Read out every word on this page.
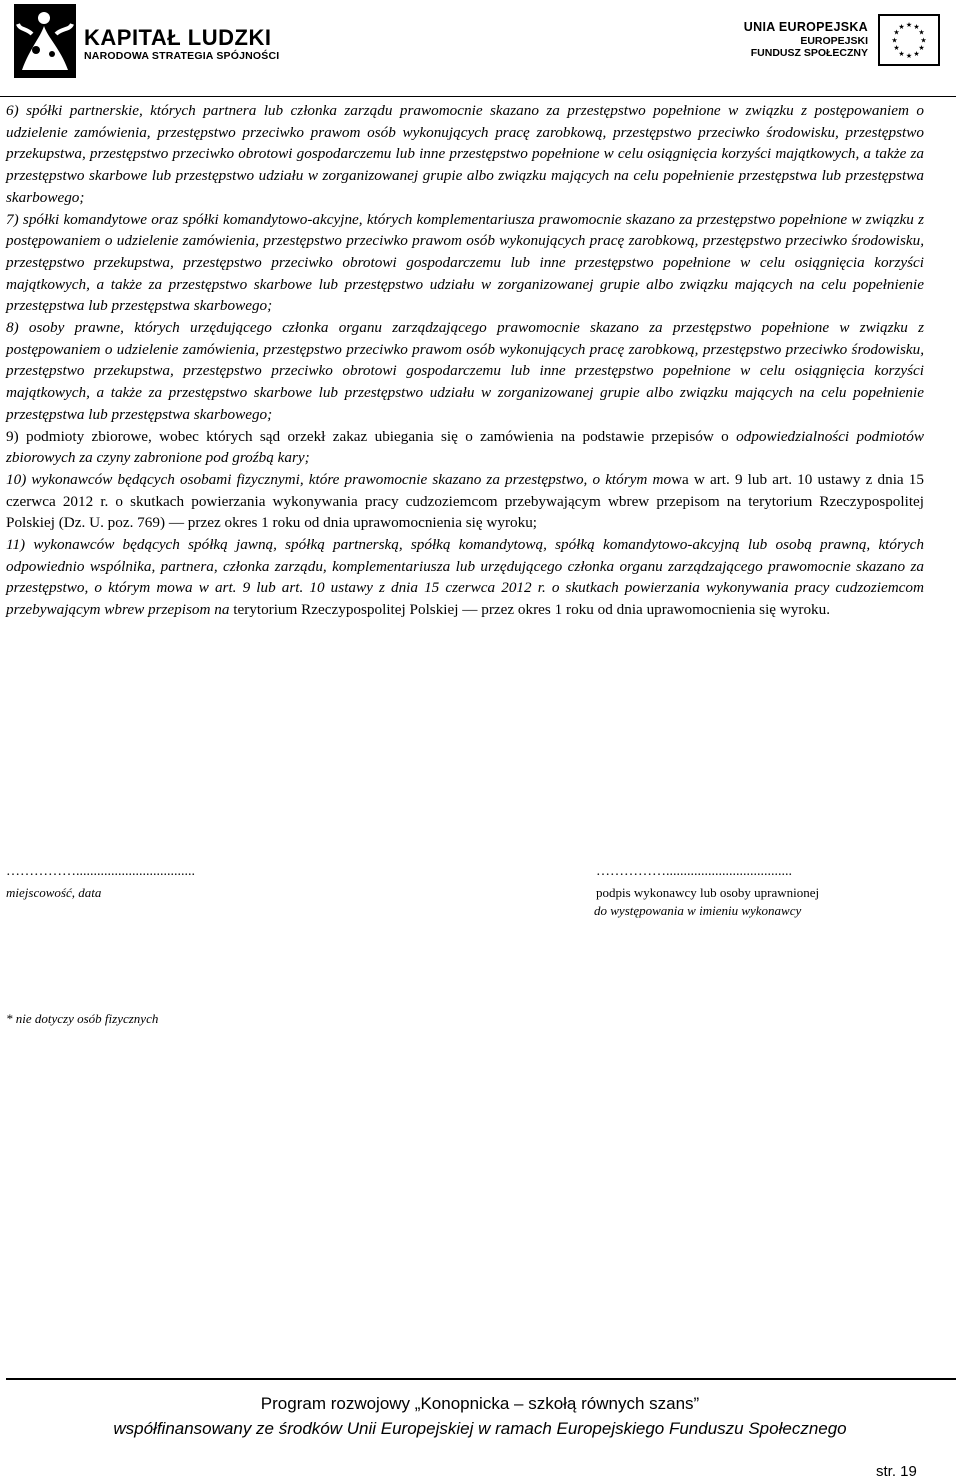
KAPITAŁ LUDZKI
NARODOWA STRATEGIA SPÓJNOŚCI
UNIA EUROPEJSKA
EUROPEJSKI
FUNDUSZ SPOŁECZNY
★ ★
★
★
★
★
★
★
★
★
★
★

6) spółki partnerskie, których partnera lub członka zarządu prawomocnie skazano za przestępstwo popełnione w związku z postępowaniem o udzielenie zamówienia, przestępstwo przeciwko prawom osób wykonujących pracę zarobkową, przestępstwo przeciwko środowisku, przestępstwo przekupstwa, przestępstwo przeciwko obrotowi gospodarczemu lub inne przestępstwo popełnione w celu osiągnięcia korzyści majątkowych, a także za przestępstwo skarbowe lub przestępstwo udziału w zorganizowanej grupie albo związku mających na celu popełnienie przestępstwa lub przestępstwa skarbowego;

7) spółki komandytowe oraz spółki komandytowo-akcyjne, których komplementariusza prawomocnie skazano za przestępstwo popełnione w związku z postępowaniem o udzielenie zamówienia, przestępstwo przeciwko prawom osób wykonujących pracę zarobkową, przestępstwo przeciwko środowisku, przestępstwo przekupstwa, przestępstwo przeciwko obrotowi gospodarczemu lub inne przestępstwo popełnione w celu osiągnięcia korzyści majątkowych, a także za przestępstwo skarbowe lub przestępstwo udziału w zorganizowanej grupie albo związku mających na celu popełnienie przestępstwa lub przestępstwa skarbowego;

8) osoby prawne, których urzędującego członka organu zarządzającego prawomocnie skazano za przestępstwo popełnione w związku z postępowaniem o udzielenie zamówienia, przestępstwo przeciwko prawom osób wykonujących pracę zarobkową, przestępstwo przeciwko środowisku, przestępstwo przekupstwa, przestępstwo przeciwko obrotowi gospodarczemu lub inne przestępstwo popełnione w celu osiągnięcia korzyści majątkowych, a także za przestępstwo skarbowe lub przestępstwo udziału w zorganizowanej grupie albo związku mających na celu popełnienie przestępstwa lub przestępstwa skarbowego;

9) podmioty zbiorowe, wobec których sąd orzekł zakaz ubiegania się o zamówienia na podstawie przepisów o odpowiedzialności podmiotów zbiorowych za czyny zabronione pod groźbą kary;

10) wykonawców będących osobami fizycznymi, które prawomocnie skazano za przestępstwo, o którym mowa w art. 9 lub art. 10 ustawy z dnia 15 czerwca 2012 r. o skutkach powierzania wykonywania pracy cudzoziemcom przebywającym wbrew przepisom na terytorium Rzeczypospolitej Polskiej (Dz. U. poz. 769) — przez okres 1 roku od dnia uprawomocnienia się wyroku;

11) wykonawców będących spółką jawną, spółką partnerską, spółką komandytową, spółką komandytowo-akcyjną lub osobą prawną, których odpowiednio wspólnika, partnera, członka zarządu, komplementariusza lub urzędującego członka organu zarządzającego prawomocnie skazano za przestępstwo, o którym mowa w art. 9 lub art. 10 ustawy z dnia 15 czerwca 2012 r. o skutkach powierzania wykonywania pracy cudzoziemcom przebywającym wbrew przepisom na terytorium Rzeczypospolitej Polskiej — przez okres 1 roku od dnia uprawomocnienia się wyroku.

……………..................................
miejscowość, data
……………....................................
podpis wykonawcy lub osoby uprawnionej
do występowania w imieniu wykonawcy
* nie dotyczy osób fizycznych
Program rozwojowy „Konopnicka – szkołą równych szans”
współfinansowany ze środków Unii Europejskiej w ramach Europejskiego Funduszu Społecznego
str. 19
